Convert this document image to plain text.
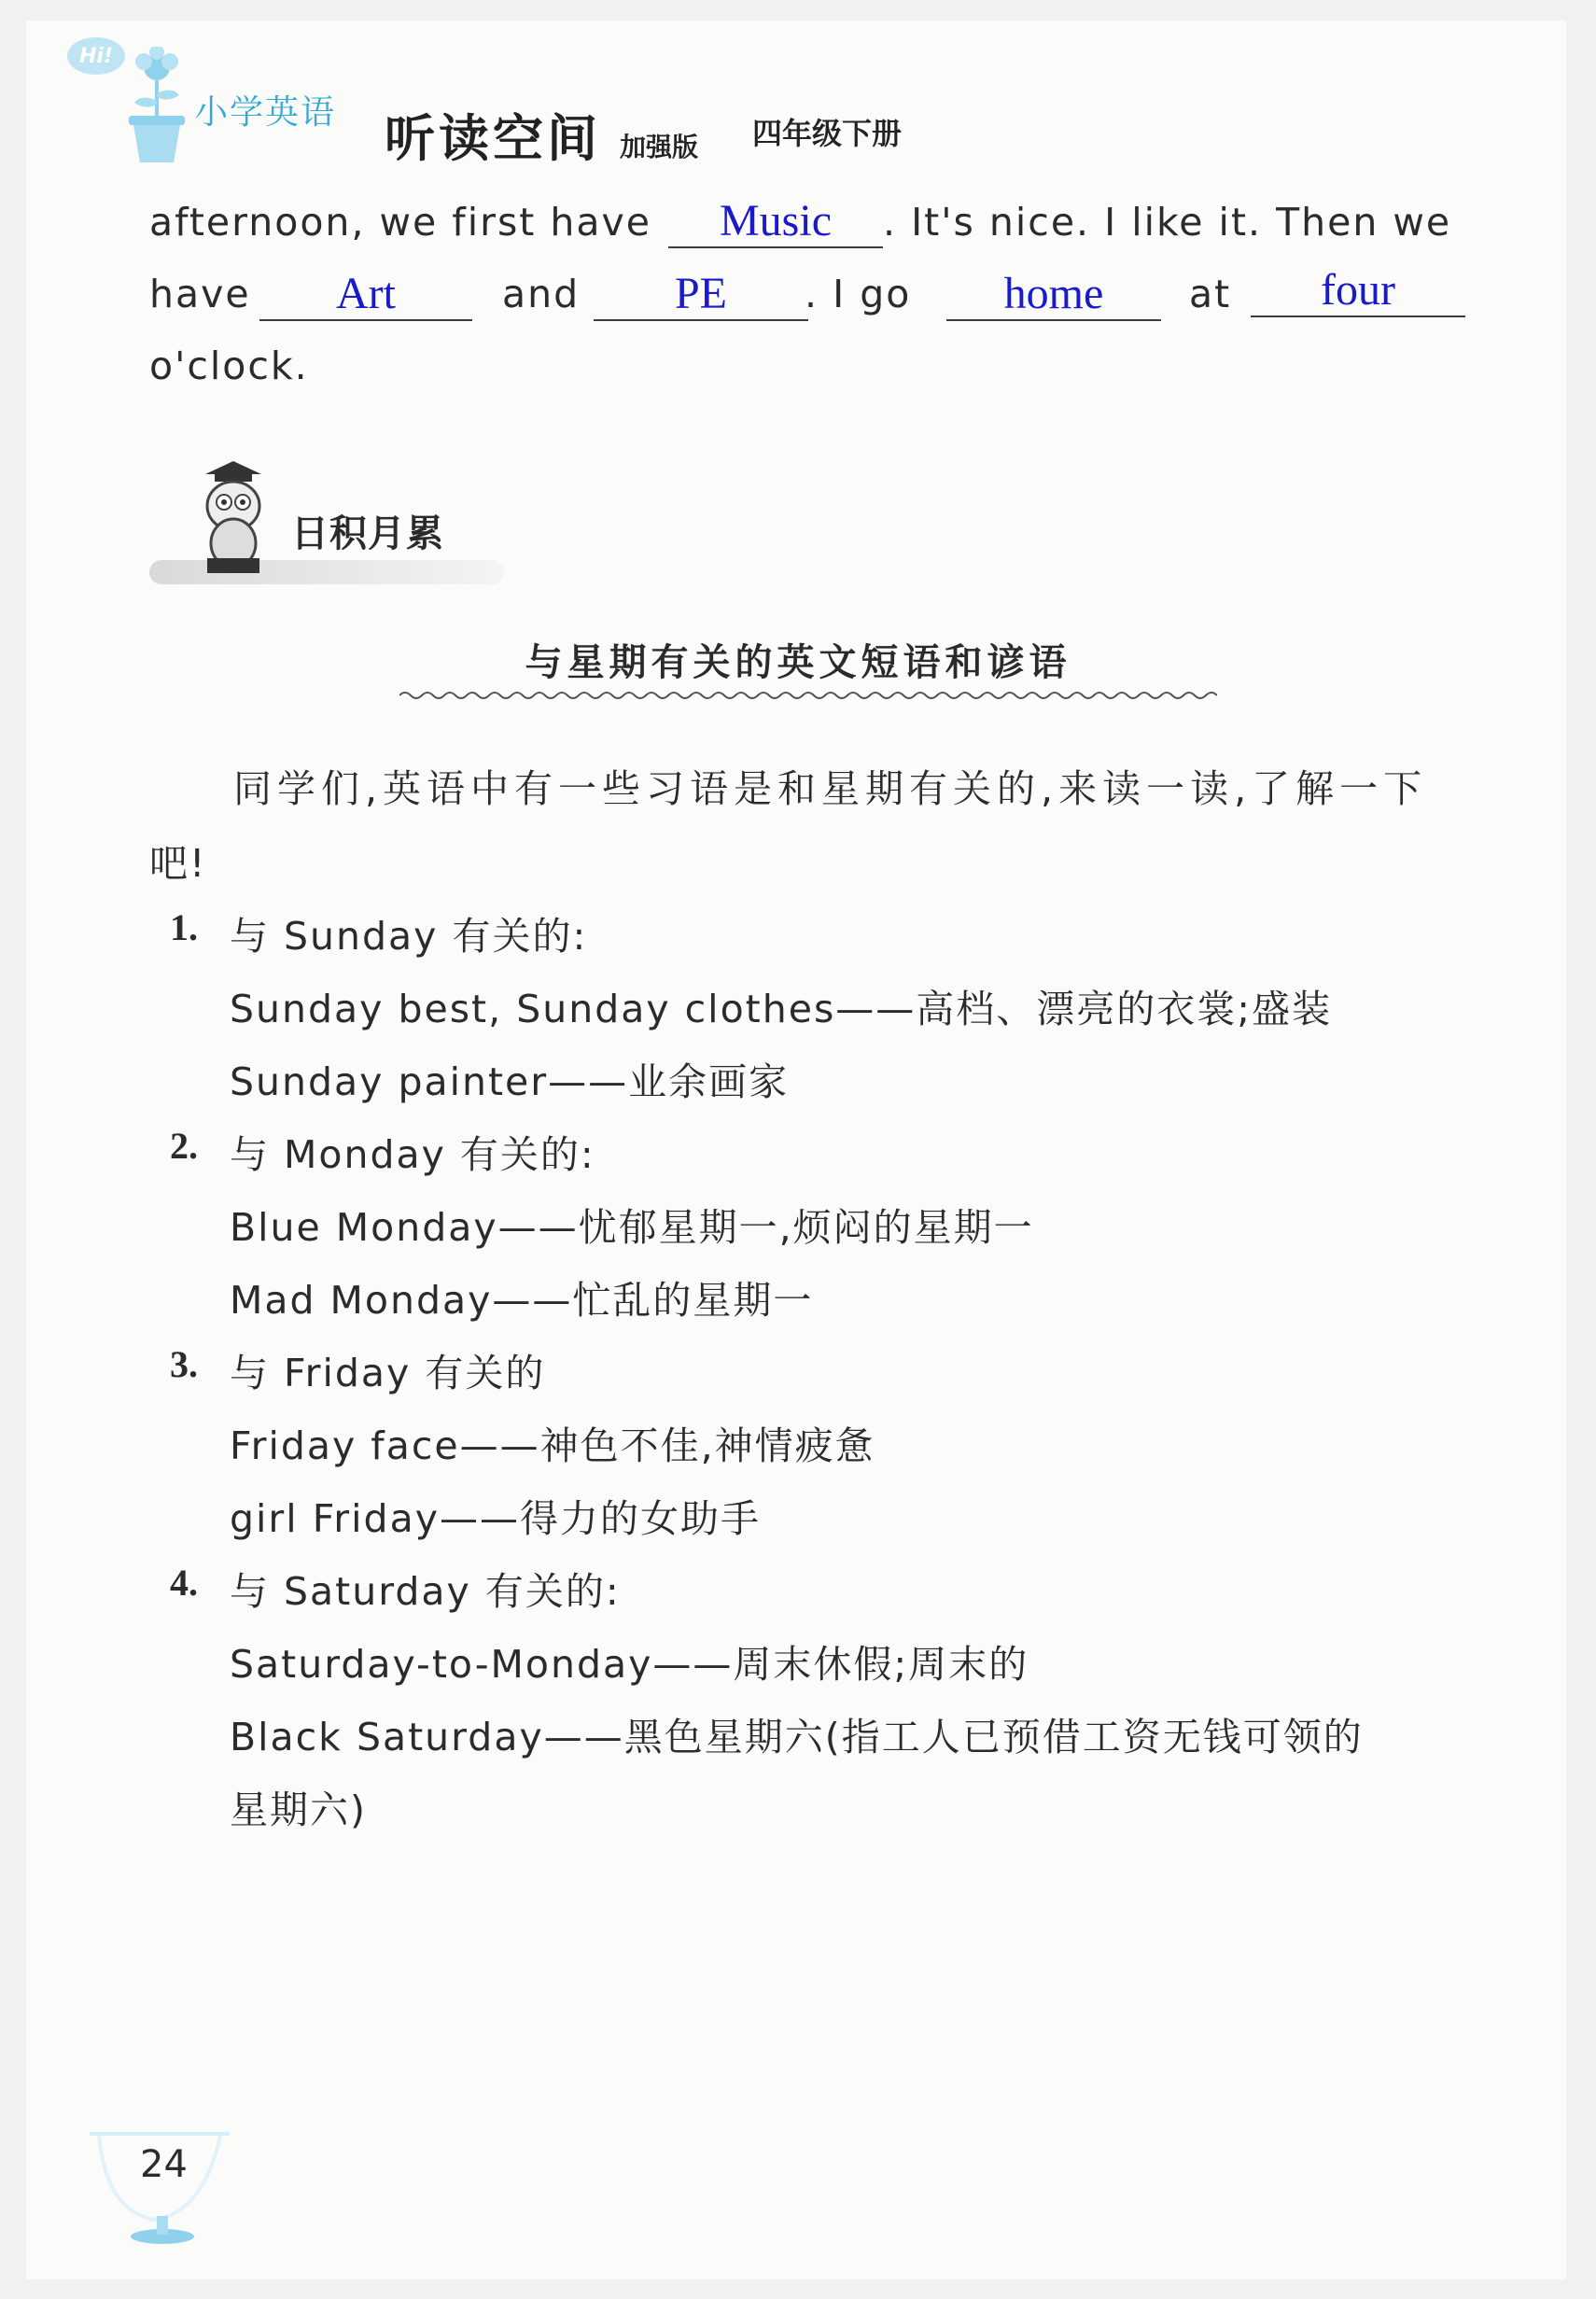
Hi!
小学英语 听读空间 加强版 四年级下册
afternoon, we first have	Music	. It's nice. I like it. Then we
have	Art	and	PE	. I go	home	at	four
o'clock.
日积月累
与星期有关的英文短语和谚语
同学们,英语中有一些习语是和星期有关的,来读一读,了解一下
吧!
1. 与 Sunday 有关的:
Sunday best, Sunday clothes——高档、漂亮的衣裳;盛装
Sunday painter——业余画家
2. 与 Monday 有关的:
Blue Monday——忧郁星期一,烦闷的星期一
Mad Monday——忙乱的星期一
3. 与 Friday 有关的
Friday face——神色不佳,神情疲惫
girl Friday——得力的女助手
4. 与 Saturday 有关的:
Saturday-to-Monday——周末休假;周末的
Black Saturday——黑色星期六(指工人已预借工资无钱可领的
星期六)
24
